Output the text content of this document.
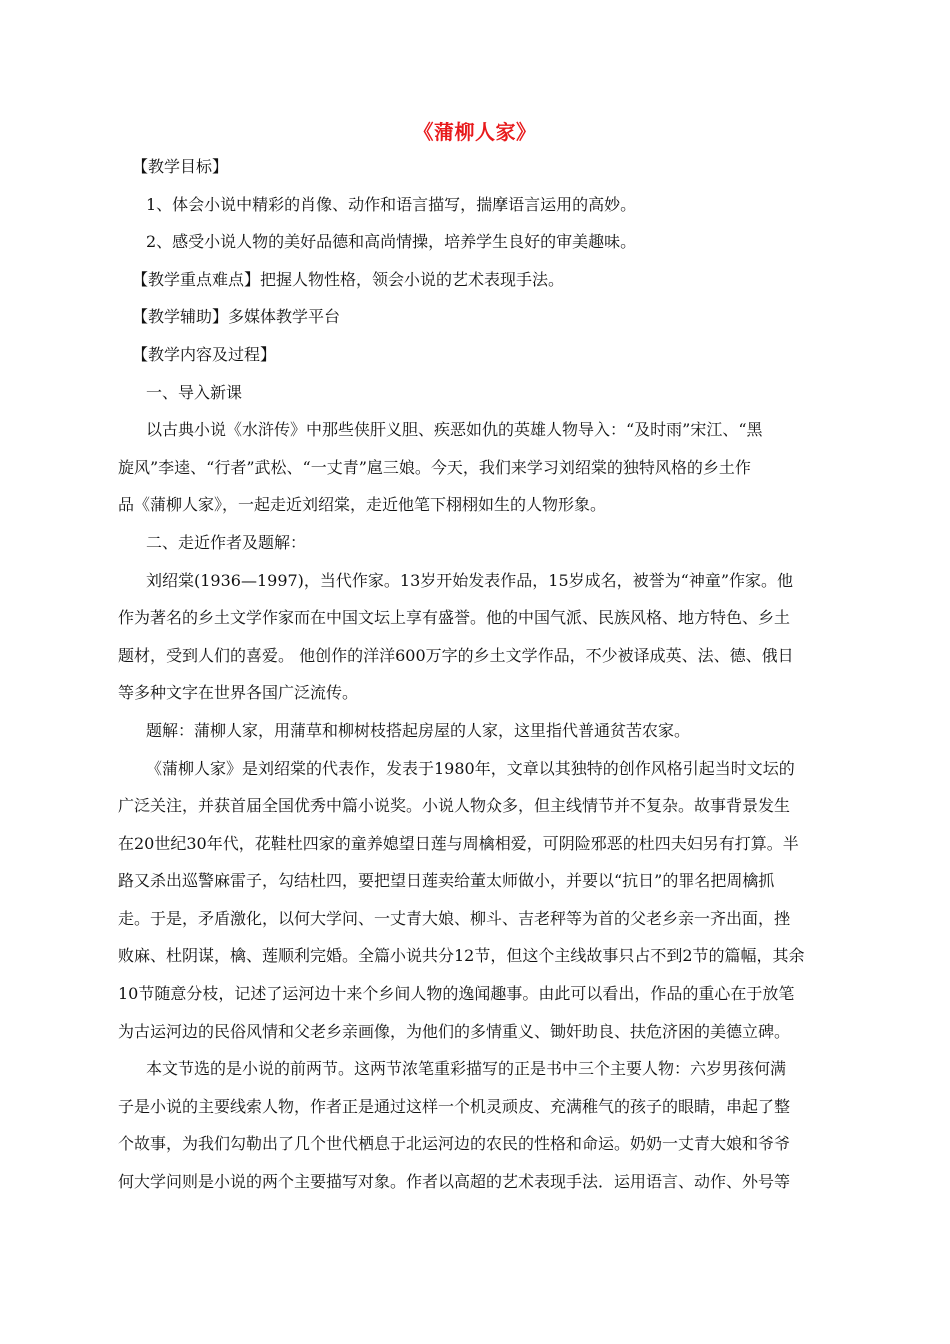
《蒲柳人家》
【教学目标】
1、体会小说中精彩的肖像、动作和语言描写，揣摩语言运用的高妙。
2、感受小说人物的美好品德和高尚情操，培养学生良好的审美趣味。
【教学重点难点】把握人物性格，领会小说的艺术表现手法。
【教学辅助】多媒体教学平台
【教学内容及过程】
一、导入新课
以古典小说《水浒传》中那些侠肝义胆、疾恶如仇的英雄人物导入：“及时雨”宋江、“黑
旋风”李逵、“行者”武松、“一丈青”扈三娘。今天，我们来学习刘绍棠的独特风格的乡土作
品《蒲柳人家》，一起走近刘绍棠，走近他笔下栩栩如生的人物形象。
二、走近作者及题解：
刘绍棠(1936—1997)，当代作家。13岁开始发表作品，15岁成名，被誉为“神童”作家。他
作为著名的乡土文学作家而在中国文坛上享有盛誉。他的中国气派、民族风格、地方特色、乡土
题材，受到人们的喜爱。 他创作的洋洋600万字的乡土文学作品，不少被译成英、法、德、俄日
等多种文字在世界各国广泛流传。
题解：蒲柳人家，用蒲草和柳树枝搭起房屋的人家，这里指代普通贫苦农家。
《蒲柳人家》是刘绍棠的代表作，发表于1980年，文章以其独特的创作风格引起当时文坛的
广泛关注，并获首届全国优秀中篇小说奖。小说人物众多，但主线情节并不复杂。故事背景发生
在20世纪30年代，花鞋杜四家的童养媳望日莲与周檎相爱，可阴险邪恶的杜四夫妇另有打算。半
路又杀出巡警麻雷子，勾结杜四，要把望日莲卖给董太师做小，并要以“抗日”的罪名把周檎抓
走。于是，矛盾激化，以何大学问、一丈青大娘、柳斗、吉老秤等为首的父老乡亲一齐出面，挫
败麻、杜阴谋，檎、莲顺利完婚。全篇小说共分12节，但这个主线故事只占不到2节的篇幅，其余
10节随意分枝，记述了运河边十来个乡间人物的逸闻趣事。由此可以看出，作品的重心在于放笔
为古运河边的民俗风情和父老乡亲画像，为他们的多情重义、锄奸助良、扶危济困的美德立碑。
本文节选的是小说的前两节。这两节浓笔重彩描写的正是书中三个主要人物：六岁男孩何满
子是小说的主要线索人物，作者正是通过这样一个机灵顽皮、充满稚气的孩子的眼睛，串起了整
个故事，为我们勾勒出了几个世代栖息于北运河边的农民的性格和命运。奶奶一丈青大娘和爷爷
何大学问则是小说的两个主要描写对象。作者以高超的艺术表现手法．运用语言、动作、外号等
